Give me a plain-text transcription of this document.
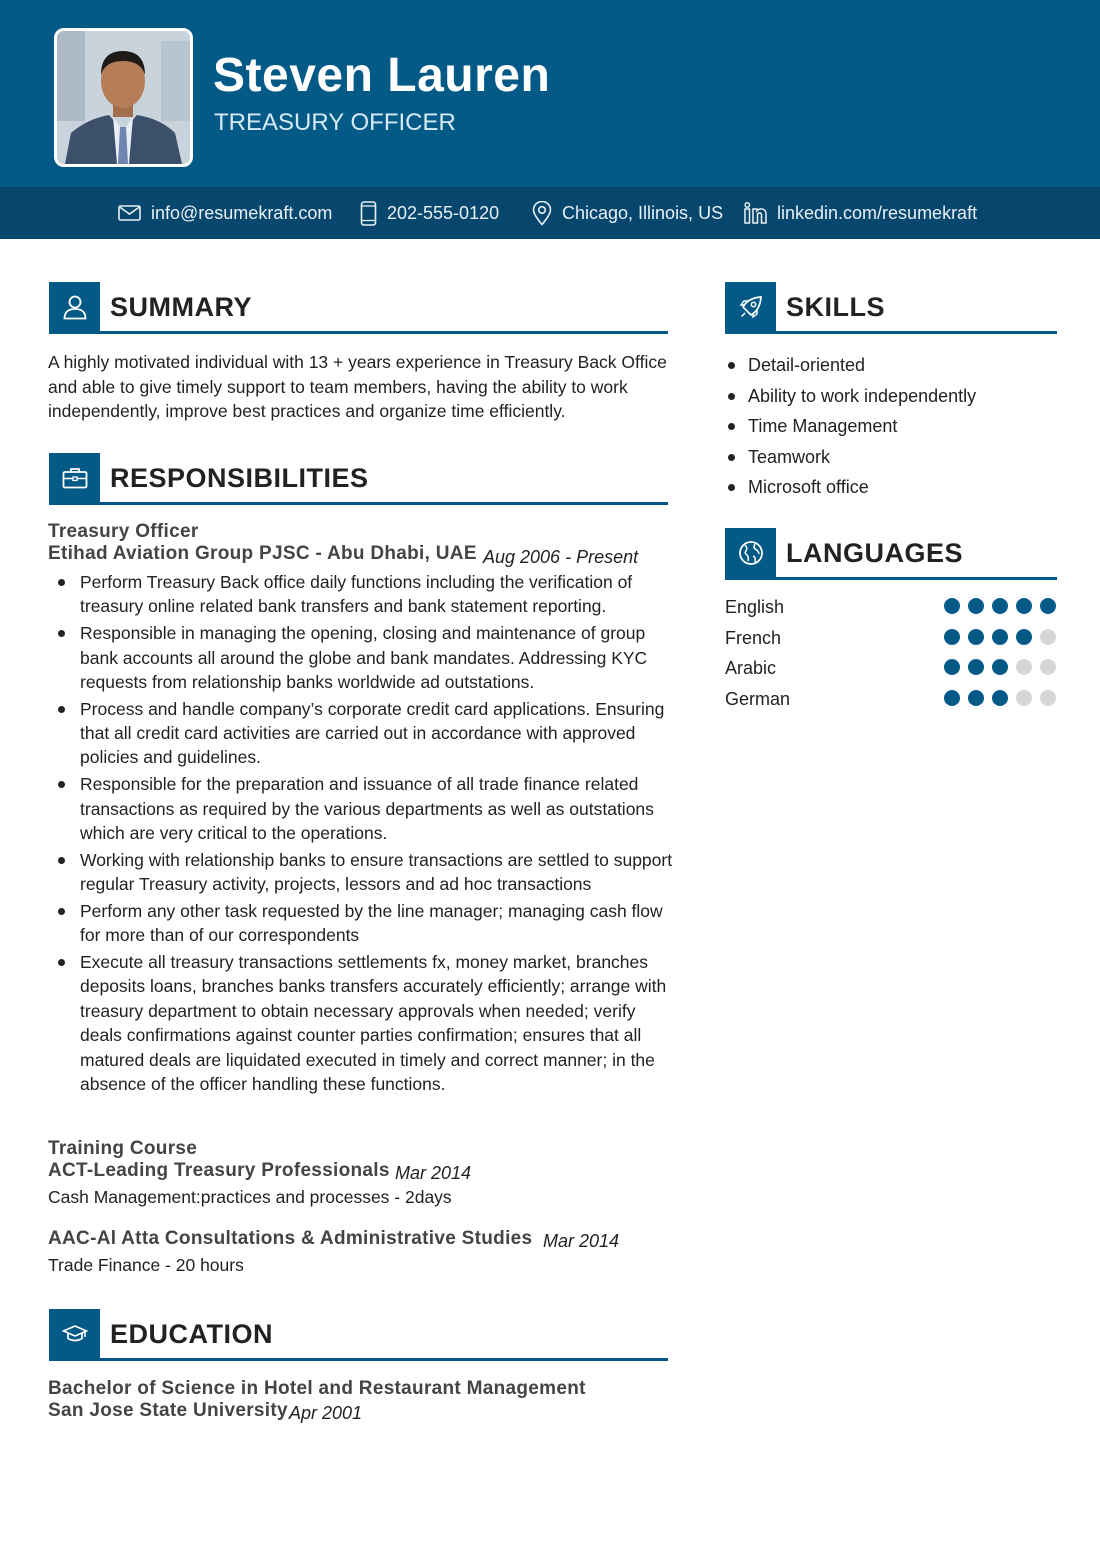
Steven Lauren
TREASURY OFFICER
info@resumekraft.com	202-555-0120	Chicago, Illinois, US	linkedin.com/resumekraft
SUMMARY
A highly motivated individual with 13 + years experience in Treasury Back Office and able to give timely support to team members, having the ability to work independently, improve best practices and organize time efficiently.
RESPONSIBILITIES
Treasury Officer
Etihad Aviation Group PJSC - Abu Dhabi, UAE Aug 2006 - Present
Perform Treasury Back office daily functions including the verification of treasury online related bank transfers and bank statement reporting.
Responsible in managing the opening, closing and maintenance of group bank accounts all around the globe and bank mandates. Addressing KYC requests from relationship banks worldwide ad outstations.
Process and handle company’s corporate credit card applications. Ensuring that all credit card activities are carried out in accordance with approved policies and guidelines.
Responsible for the preparation and issuance of all trade finance related transactions as required by the various departments as well as outstations which are very critical to the operations.
Working with relationship banks to ensure transactions are settled to support regular Treasury activity, projects, lessors and ad hoc transactions
Perform any other task requested by the line manager; managing cash flow for more than of our correspondents
Execute all treasury transactions settlements fx, money market, branches deposits loans, branches banks transfers accurately efficiently; arrange with treasury department to obtain necessary approvals when needed; verify deals confirmations against counter parties confirmation; ensures that all matured deals are liquidated executed in timely and correct manner; in the absence of the officer handling these functions.
Training Course
ACT-Leading Treasury Professionals Mar 2014
Cash Management:practices and processes - 2days
AAC-Al Atta Consultations & Administrative Studies Mar 2014
Trade Finance - 20 hours
EDUCATION
Bachelor of Science in Hotel and Restaurant Management
San Jose State University Apr 2001
SKILLS
Detail-oriented
Ability to work independently
Time Management
Teamwork
Microsoft office
LANGUAGES
English
French
Arabic
German
